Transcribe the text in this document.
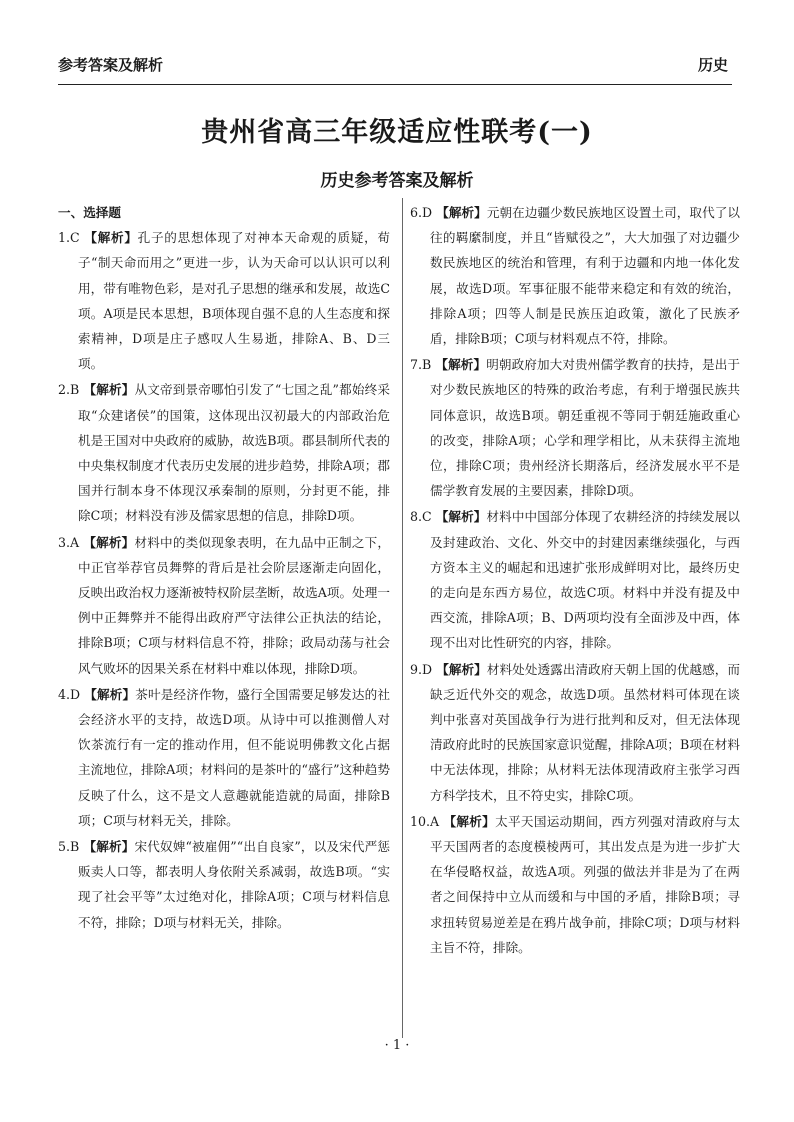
参考答案及解析	历史
贵州省高三年级适应性联考(一)
历史参考答案及解析

一、选择题

1.C 【解析】孔子的思想体现了对神本天命观的质疑，荀子“制天命而用之”更进一步，认为天命可以认识可以利用，带有唯物色彩，是对孔子思想的继承和发展，故选C项。A项是民本思想，B项体现自强不息的人生态度和探索精神，D项是庄子感叹人生易逝，排除A、B、D三项。

2.B 【解析】从文帝到景帝哪怕引发了“七国之乱”都始终采取“众建诸侯”的国策，这体现出汉初最大的内部政治危机是王国对中央政府的威胁，故选B项。郡县制所代表的中央集权制度才代表历史发展的进步趋势，排除A项；郡国并行制本身不体现汉承秦制的原则，分封更不能，排除C项；材料没有涉及儒家思想的信息，排除D项。

3.A 【解析】材料中的类似现象表明，在九品中正制之下，中正官举荐官员舞弊的背后是社会阶层逐渐走向固化，反映出政治权力逐渐被特权阶层垄断，故选A项。处理一例中正舞弊并不能得出政府严守法律公正执法的结论，排除B项；C项与材料信息不符，排除；政局动荡与社会风气败坏的因果关系在材料中难以体现，排除D项。

4.D 【解析】茶叶是经济作物，盛行全国需要足够发达的社会经济水平的支持，故选D项。从诗中可以推测僧人对饮茶流行有一定的推动作用，但不能说明佛教文化占据主流地位，排除A项；材料问的是茶叶的“盛行”这种趋势反映了什么，这不是文人意趣就能造就的局面，排除B项；C项与材料无关，排除。

5.B 【解析】宋代奴婢“被雇佣”“出自良家”，以及宋代严惩贩卖人口等，都表明人身依附关系减弱，故选B项。“实现了社会平等”太过绝对化，排除A项；C项与材料信息不符，排除；D项与材料无关，排除。

6.D 【解析】元朝在边疆少数民族地区设置土司，取代了以往的羁縻制度，并且“皆赋役之”，大大加强了对边疆少数民族地区的统治和管理，有利于边疆和内地一体化发展，故选D项。军事征服不能带来稳定和有效的统治，排除A项；四等人制是民族压迫政策，激化了民族矛盾，排除B项；C项与材料观点不符，排除。

7.B 【解析】明朝政府加大对贵州儒学教育的扶持，是出于对少数民族地区的特殊的政治考虑，有利于增强民族共同体意识，故选B项。朝廷重视不等同于朝廷施政重心的改变，排除A项；心学和理学相比，从未获得主流地位，排除C项；贵州经济长期落后，经济发展水平不是儒学教育发展的主要因素，排除D项。

8.C 【解析】材料中中国部分体现了农耕经济的持续发展以及封建政治、文化、外交中的封建因素继续强化，与西方资本主义的崛起和迅速扩张形成鲜明对比，最终历史的走向是东西方易位，故选C项。材料中并没有提及中西交流，排除A项；B、D两项均没有全面涉及中西，体现不出对比性研究的内容，排除。

9.D 【解析】材料处处透露出清政府天朝上国的优越感，而缺乏近代外交的观念，故选D项。虽然材料可体现在谈判中张喜对英国战争行为进行批判和反对，但无法体现清政府此时的民族国家意识觉醒，排除A项；B项在材料中无法体现，排除；从材料无法体现清政府主张学习西方科学技术，且不符史实，排除C项。

10.A 【解析】太平天国运动期间，西方列强对清政府与太平天国两者的态度模棱两可，其出发点是为进一步扩大在华侵略权益，故选A项。列强的做法并非是为了在两者之间保持中立从而缓和与中国的矛盾，排除B项；寻求扭转贸易逆差是在鸦片战争前，排除C项；D项与材料主旨不符，排除。

· 1 ·
